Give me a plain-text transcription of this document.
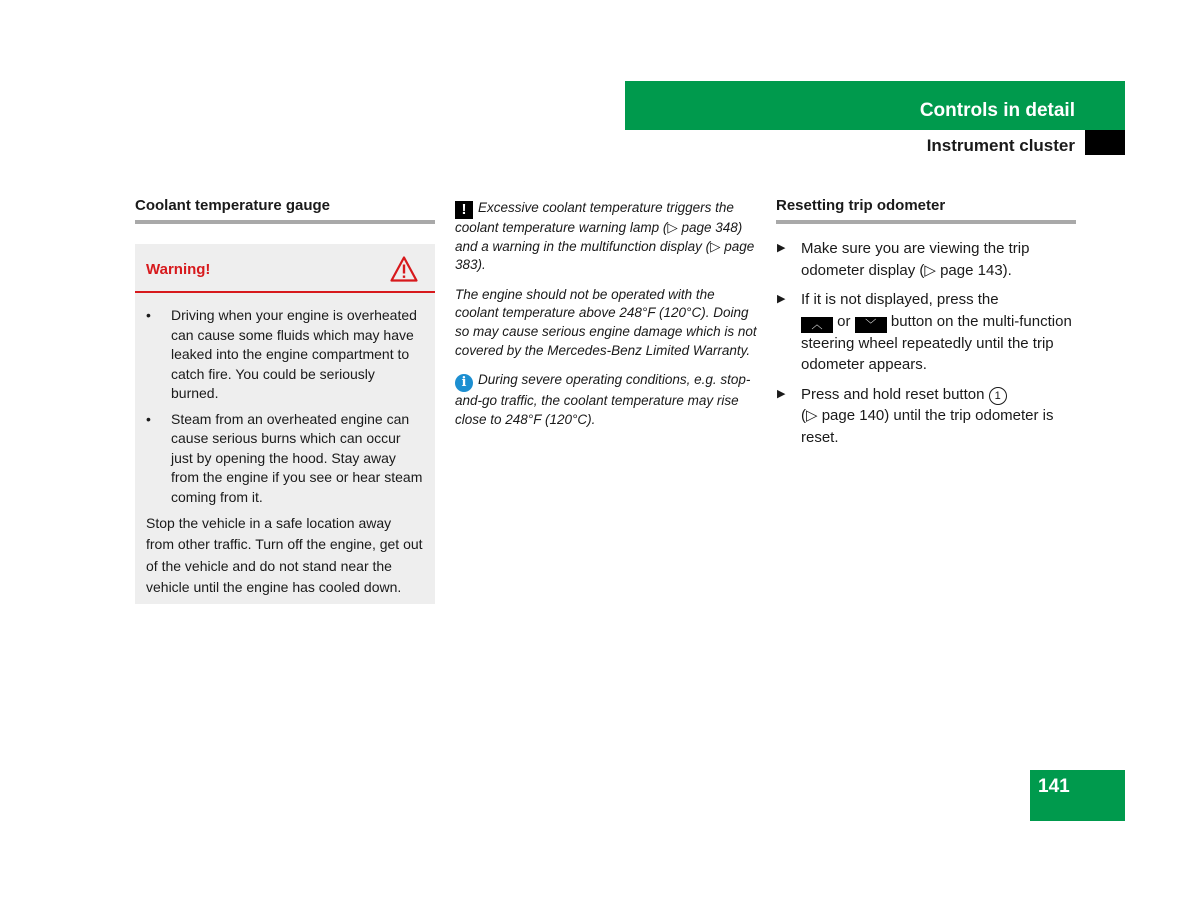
Controls in detail
Instrument cluster
Coolant temperature gauge
Warning!
• Driving when your engine is overheated can cause some fluids which may have leaked into the engine compartment to catch fire. You could be seriously burned.
• Steam from an overheated engine can cause serious burns which can occur just by opening the hood. Stay away from the engine if you see or hear steam coming from it.

Stop the vehicle in a safe location away from other traffic. Turn off the engine, get out of the vehicle and do not stand near the vehicle until the engine has cooled down.

! Excessive coolant temperature triggers the coolant temperature warning lamp (▷ page 348) and a warning in the multifunction display (▷ page 383).

The engine should not be operated with the coolant temperature above 248°F (120°C). Doing so may cause serious engine damage which is not covered by the Mercedes-Benz Limited Warranty.

i During severe operating conditions, e.g. stop-and-go traffic, the coolant temperature may rise close to 248°F (120°C).

Resetting trip odometer
▶ Make sure you are viewing the trip odometer display (▷ page 143).
▶ If it is not displayed, press the
︿ or ﹀ button on the multi-function steering wheel repeatedly until the trip odometer appears.
▶ Press and hold reset button 1
(▷ page 140) until the trip odometer is reset.
141
